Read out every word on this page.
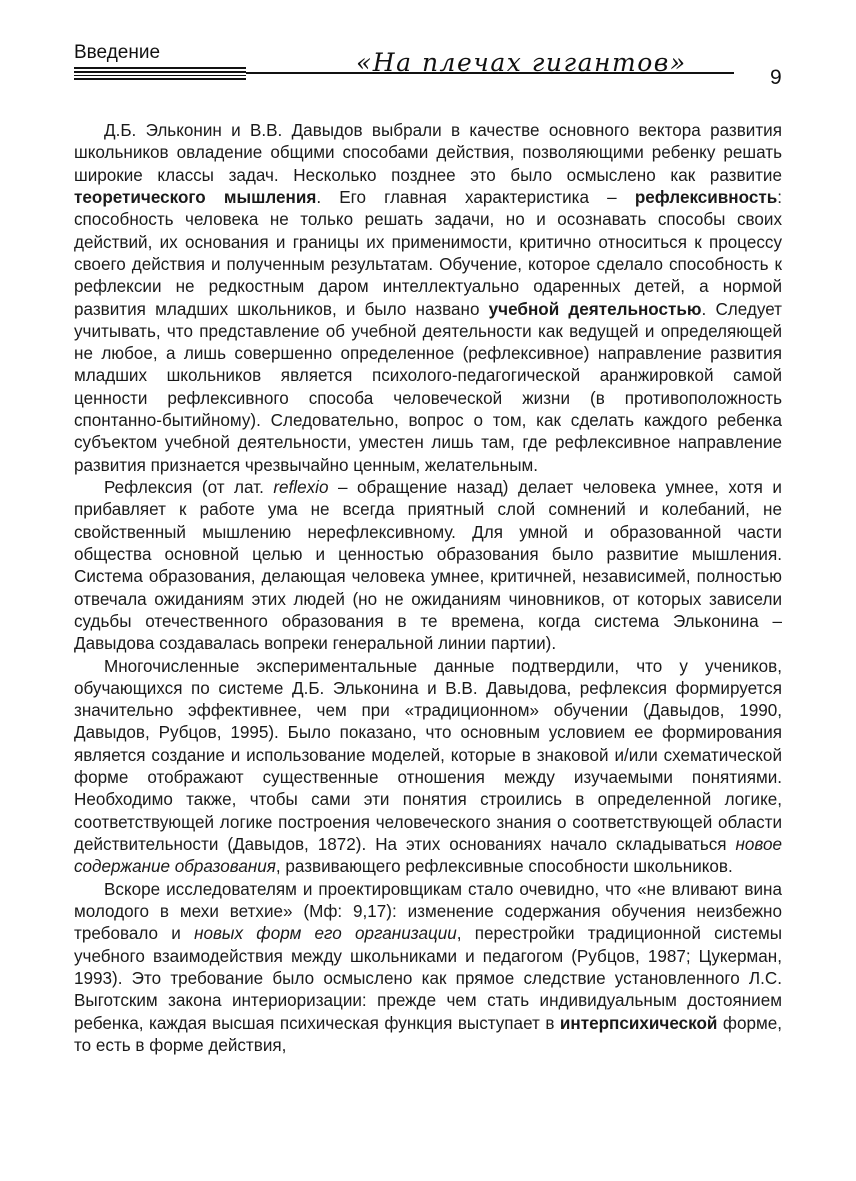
Введение	«На плечах гигантов»
9

Д.Б. Эльконин и В.В. Давыдов выбрали в качестве основного вектора развития школьников овладение общими способами действия, позволяющими ребенку решать широкие классы задач. Несколько позднее это было осмыслено как развитие теоретического мышления. Его главная характеристика – рефлексивность: способность человека не только решать задачи, но и осознавать способы своих действий, их основания и границы их применимости, критично относиться к процессу своего действия и полученным результатам. Обучение, которое сделало способность к рефлексии не редкостным даром интеллектуально одаренных детей, а нормой развития младших школьников, и было названо учебной деятельностью. Следует учитывать, что представление об учебной деятельности как ведущей и определяющей не любое, а лишь совершенно определенное (рефлексивное) направление развития младших школьников является психолого-педагогической аранжировкой самой ценности рефлексивного способа человеческой жизни (в противоположность спонтанно-бытийному). Следовательно, вопрос о том, как сделать каждого ребенка субъектом учебной деятельности, уместен лишь там, где рефлексивное направление развития признается чрезвычайно ценным, желательным.

Рефлексия (от лат. reflexio – обращение назад) делает человека умнее, хотя и прибавляет к работе ума не всегда приятный слой сомнений и колебаний, не свойственный мышлению нерефлексивному. Для умной и образованной части общества основной целью и ценностью образования было развитие мышления. Система образования, делающая человека умнее, критичней, независимей, полностью отвечала ожиданиям этих людей (но не ожиданиям чиновников, от которых зависели судьбы отечественного образования в те времена, когда система Эльконина – Давыдова создавалась вопреки генеральной линии партии).

Многочисленные экспериментальные данные подтвердили, что у учеников, обучающихся по системе Д.Б. Эльконина и В.В. Давыдова, рефлексия формируется значительно эффективнее, чем при «традиционном» обучении (Давыдов, 1990, Давыдов, Рубцов, 1995). Было показано, что основным условием ее формирования является создание и использование моделей, которые в знаковой и/или схематической форме отображают существенные отношения между изучаемыми понятиями. Необходимо также, чтобы сами эти понятия строились в определенной логике, соответствующей логике построения человеческого знания о соответствующей области действительности (Давыдов, 1872). На этих основаниях начало складываться новое содержание образования, развивающего рефлексивные способности школьников.

Вскоре исследователям и проектировщикам стало очевидно, что «не вливают вина молодого в мехи ветхие» (Мф: 9,17): изменение содержания обучения неизбежно требовало и новых форм его организации, перестройки традиционной системы учебного взаимодействия между школьниками и педагогом (Рубцов, 1987; Цукерман, 1993). Это требование было осмыслено как прямое следствие установленного Л.С. Выготским закона интериоризации: прежде чем стать индивидуальным достоянием ребенка, каждая высшая психическая функция выступает в интерпсихической форме, то есть в форме действия,
